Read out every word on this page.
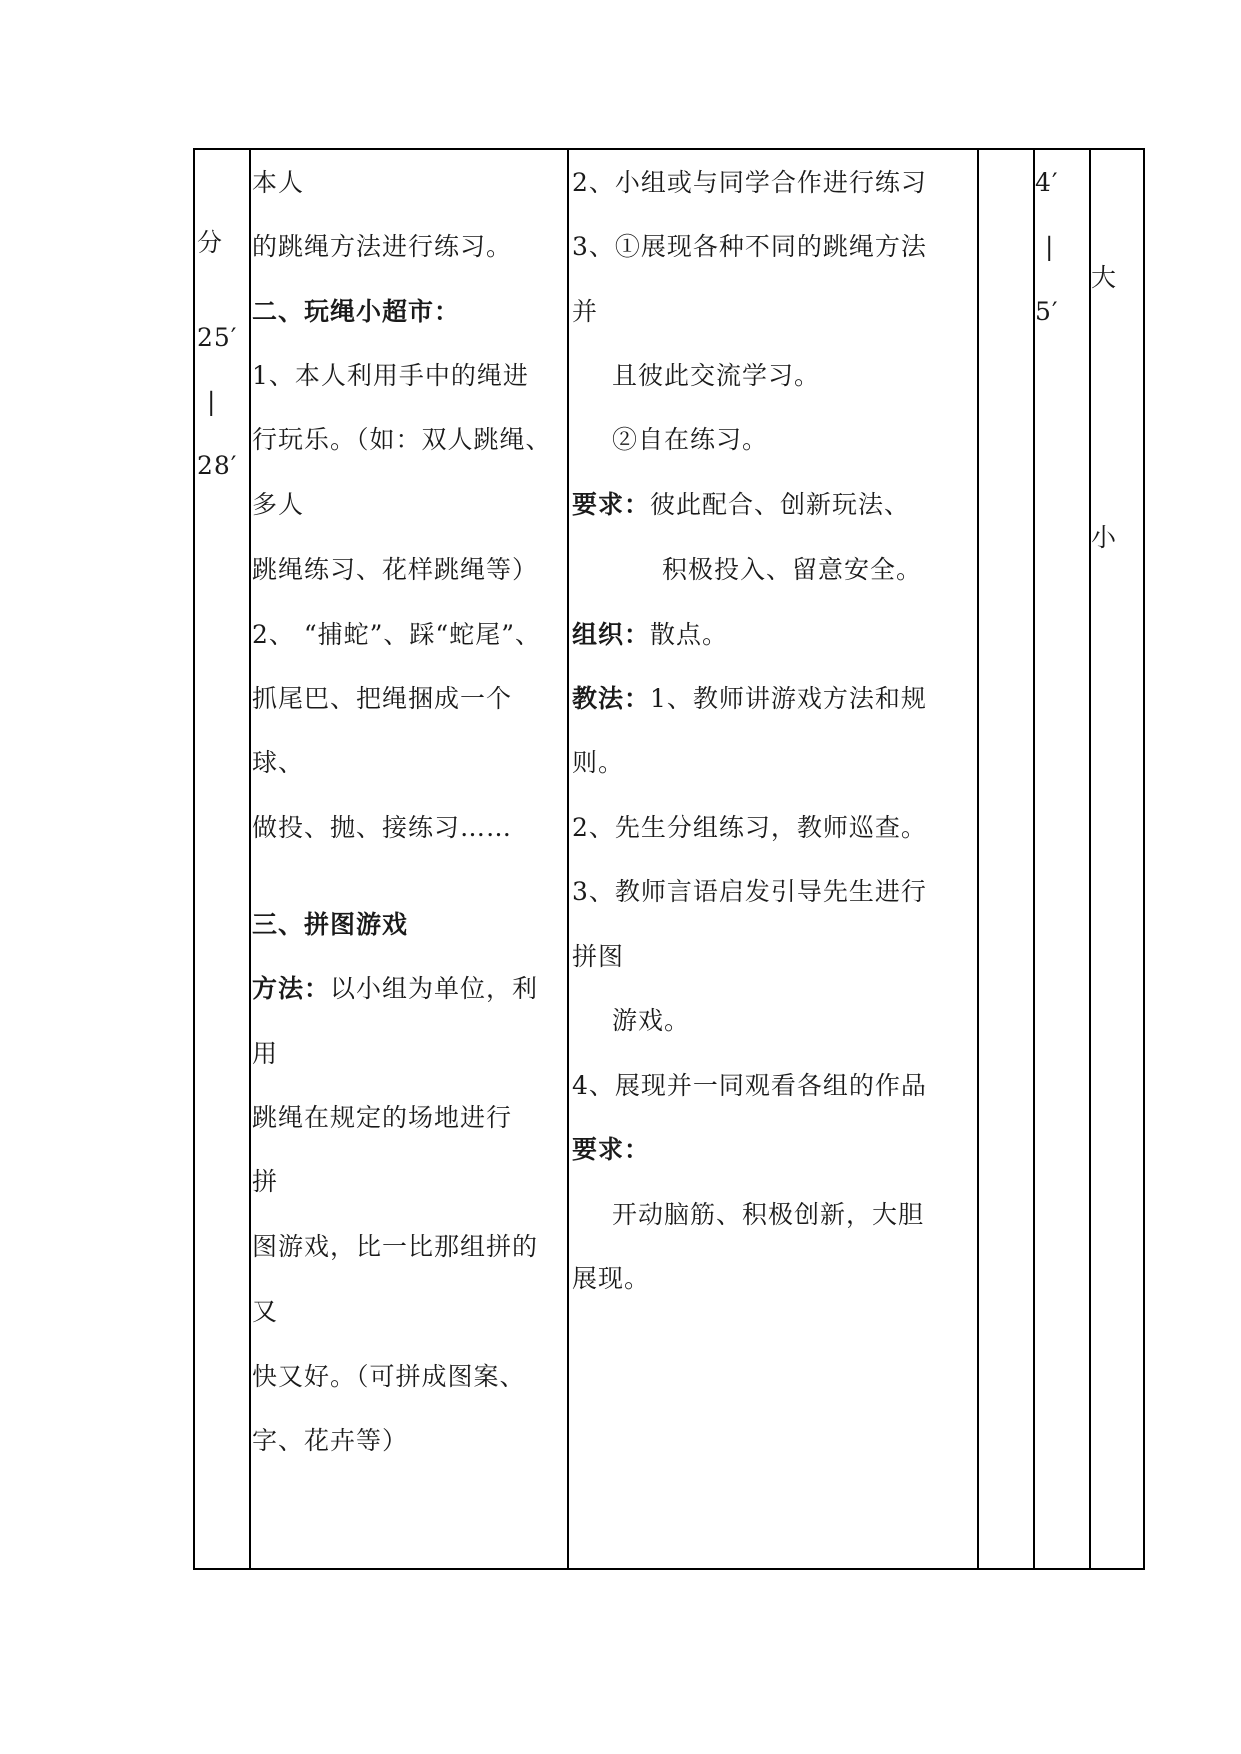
分
25′
|
28′
本人
的跳绳方法进行练习。
二、玩绳小超市：
1、本人利用手中的绳进
行玩乐。（如：双人跳绳、
多人
跳绳练习、花样跳绳等）
2、 “捕蛇”、踩“蛇尾”、
抓尾巴、把绳捆成一个
球、
做投、抛、接练习……
三、拼图游戏
方法：以小组为单位，利
用
跳绳在规定的场地进行
拼
图游戏，比一比那组拼的
又
快又好。（可拼成图案、
字、花卉等）
2、小组或与同学合作进行练习
3、①展现各种不同的跳绳方法
并
且彼此交流学习。
②自在练习。
要求：彼此配合、创新玩法、
积极投入、留意安全。
组织：散点。
教法：1、教师讲游戏方法和规
则。
2、先生分组练习，教师巡查。
3、教师言语启发引导先生进行
拼图
游戏。
4、展现并一同观看各组的作品
要求：
开动脑筋、积极创新，大胆
展现。
4′
|
5′
大
小
